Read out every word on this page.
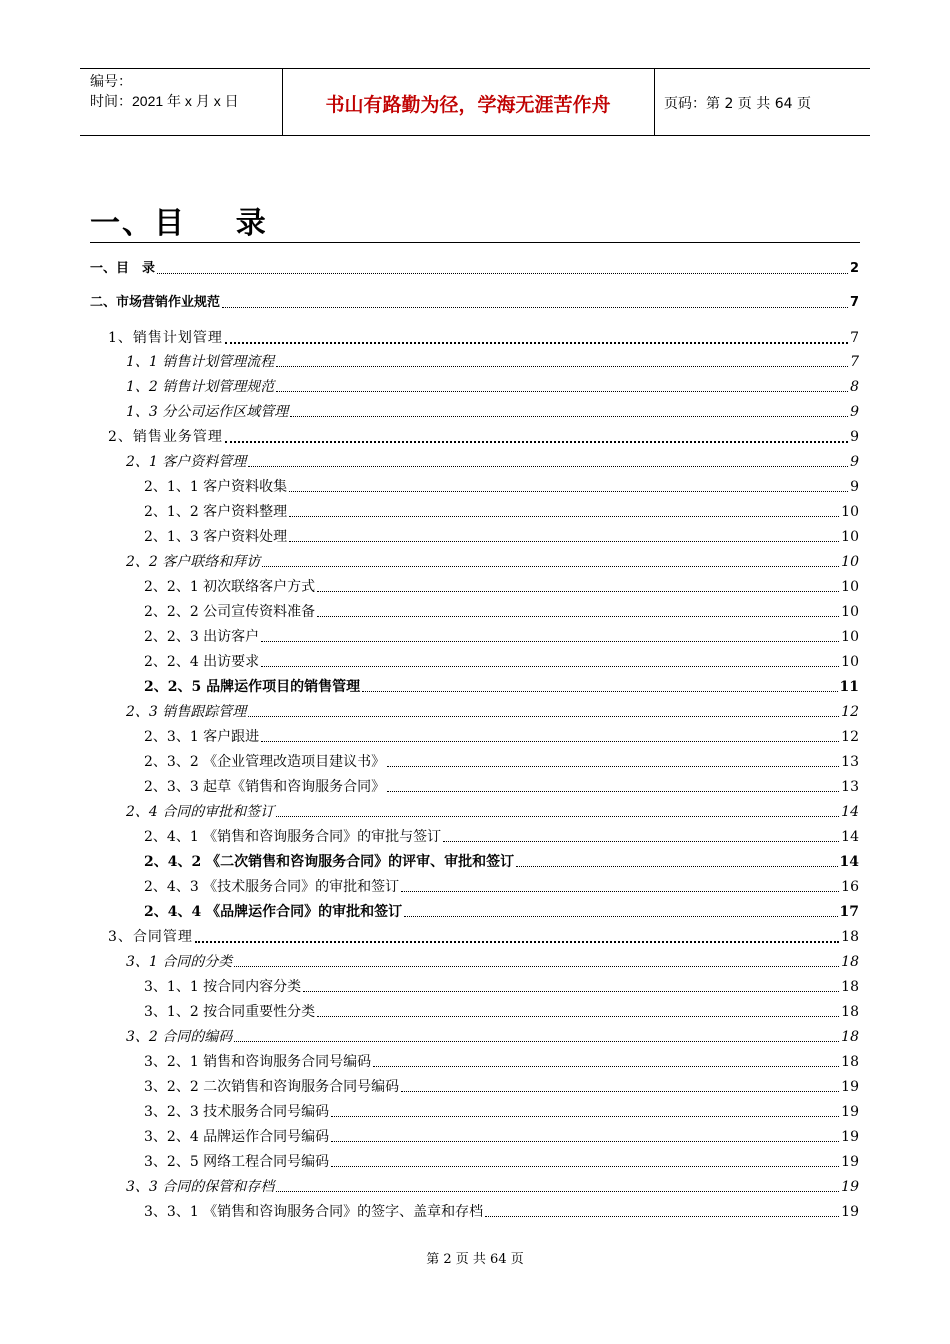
编号：
时间：2021 年 x 月 x 日	书山有路勤为径，学海无涯苦作舟	页码：第 2 页 共 64 页
一、目    录
一、目　录	2
二、市场营销作业规范	7
1、销售计划管理	7
1、1 销售计划管理流程	7
1、2 销售计划管理规范	8
1、3 分公司运作区域管理	9
2、销售业务管理	9
2、1 客户资料管理	9
2、1、1 客户资料收集	9
2、1、2 客户资料整理	10
2、1、3 客户资料处理	10
2、2 客户联络和拜访	10
2、2、1 初次联络客户方式	10
2、2、2 公司宣传资料准备	10
2、2、3 出访客户	10
2、2、4 出访要求	10
2、2、5 品牌运作项目的销售管理	11
2、3 销售跟踪管理	12
2、3、1 客户跟进	12
2、3、2 《企业管理改造项目建议书》	13
2、3、3 起草《销售和咨询服务合同》	13
2、4 合同的审批和签订	14
2、4、1 《销售和咨询服务合同》的审批与签订	14
2、4、2 《二次销售和咨询服务合同》的评审、审批和签订	14
2、4、3 《技术服务合同》的审批和签订	16
2、4、4 《品牌运作合同》的审批和签订	17
3、合同管理	18
3、1 合同的分类	18
3、1、1 按合同内容分类	18
3、1、2 按合同重要性分类	18
3、2 合同的编码	18
3、2、1 销售和咨询服务合同号编码	18
3、2、2 二次销售和咨询服务合同号编码	19
3、2、3 技术服务合同号编码	19
3、2、4 品牌运作合同号编码	19
3、2、5 网络工程合同号编码	19
3、3 合同的保管和存档	19
3、3、1 《销售和咨询服务合同》的签字、盖章和存档	19
第 2 页 共 64 页
